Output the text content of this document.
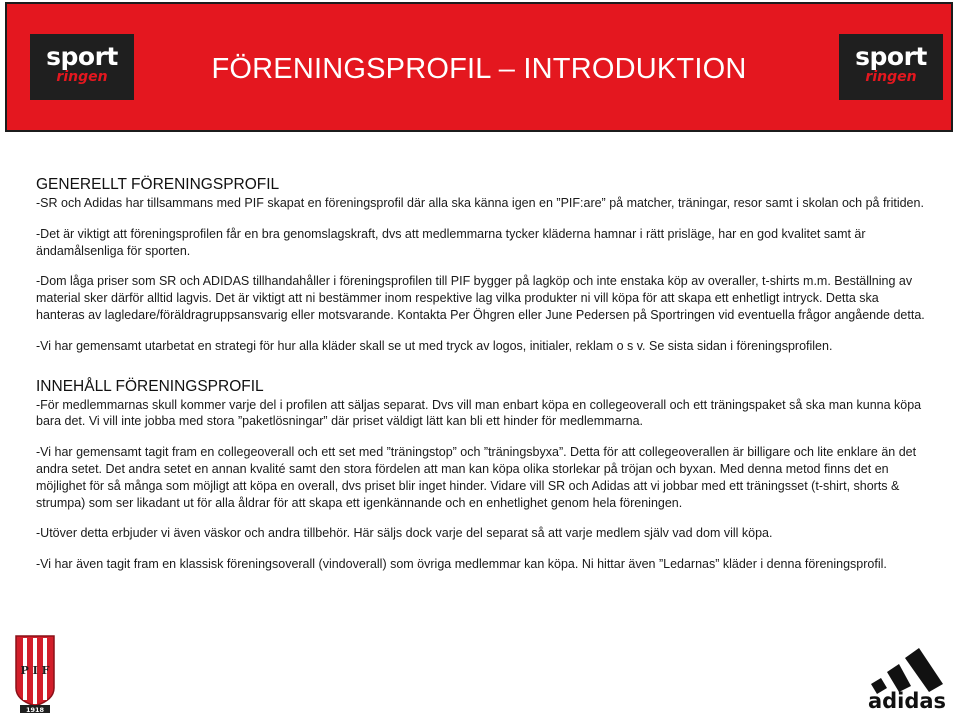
sport
ringen	FÖRENINGSPROFIL – INTRODUKTION	sport
ringen
GENERELLT FÖRENINGSPROFIL

-SR och Adidas har tillsammans med PIF skapat en föreningsprofil där alla ska känna igen en ”PIF:are” på matcher, träningar, resor samt i skolan och på fritiden.

-Det är viktigt att föreningsprofilen får en bra genomslagskraft, dvs att medlemmarna tycker kläderna hamnar i rätt prisläge, har en god kvalitet samt är ändamålsenliga för sporten.

-Dom låga priser som SR och ADIDAS tillhandahåller i föreningsprofilen till PIF bygger på lagköp och inte enstaka köp av overaller, t-shirts m.m. Beställning av material sker därför alltid lagvis. Det är viktigt att ni bestämmer inom respektive lag vilka produkter ni vill köpa för att skapa ett enhetligt intryck. Detta ska hanteras av lagledare/föräldragruppsansvarig eller motsvarande. Kontakta Per Öhgren eller June Pedersen på Sportringen vid eventuella frågor angående detta.

-Vi har gemensamt utarbetat en strategi för hur alla kläder skall se ut med tryck av logos, initialer, reklam o s v. Se sista sidan i föreningsprofilen.

INNEHÅLL FÖRENINGSPROFIL

-För medlemmarnas skull kommer varje del i profilen att säljas separat. Dvs vill man enbart köpa en collegeoverall och ett träningspaket så ska man kunna köpa bara det. Vi vill inte jobba med stora ”paketlösningar” där priset väldigt lätt kan bli ett hinder för medlemmarna.

-Vi har gemensamt tagit fram en collegeoverall och ett set med ”träningstop” och ”träningsbyxa”. Detta för att collegeoverallen är billigare och lite enklare än det andra setet. Det andra setet en annan kvalité samt den stora fördelen att man kan köpa olika storlekar på tröjan och byxan. Med denna metod finns det en möjlighet för så många som möjligt att köpa en overall, dvs priset blir inget hinder. Vidare vill SR och Adidas att vi jobbar med ett träningsset (t-shirt, shorts & strumpa) som ser likadant ut för alla åldrar för att skapa ett igenkännande och en enhetlighet genom hela föreningen.

-Utöver detta erbjuder vi även väskor och andra tillbehör. Här säljs dock varje del separat så att varje medlem själv vad dom vill köpa.

-Vi har även tagit fram en klassisk föreningsoverall (vindoverall) som övriga medlemmar kan köpa. Ni hittar även ”Ledarnas” kläder i denna föreningsprofil.

P I F
1918	adidas
